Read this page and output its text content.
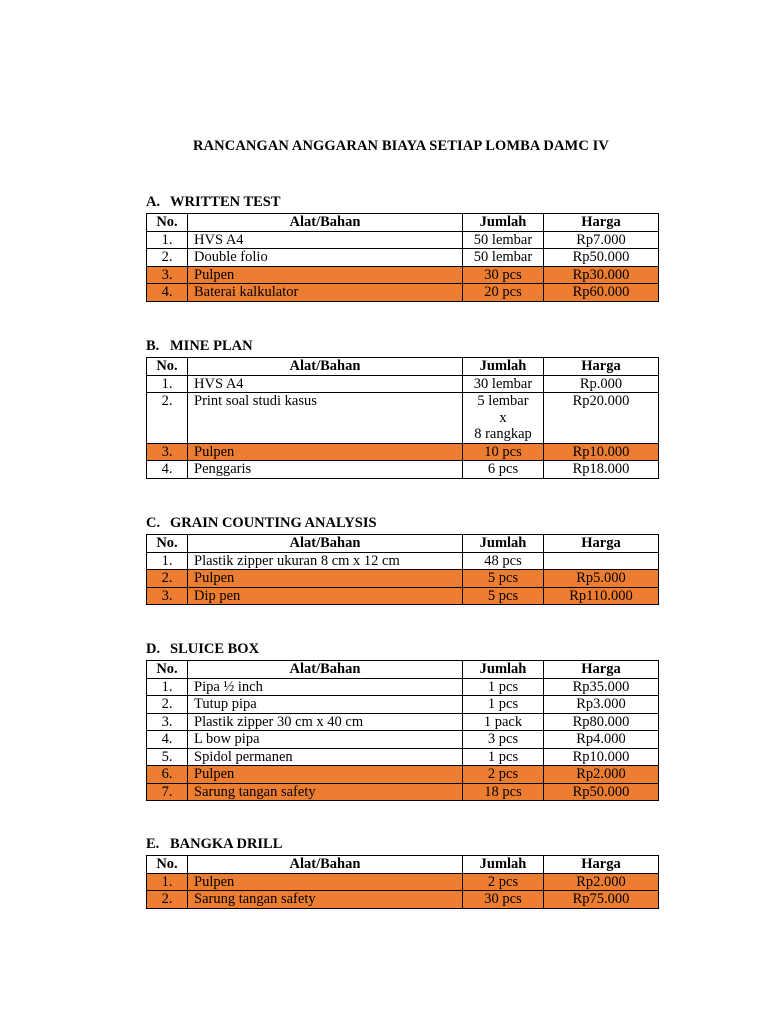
RANCANGAN ANGGARAN BIAYA SETIAP LOMBA DAMC IV
A. WRITTEN TEST
No.	Alat/Bahan	Jumlah	Harga
1.	HVS A4	50 lembar	Rp7.000
2.	Double folio	50 lembar	Rp50.000
3.	Pulpen	30 pcs	Rp30.000
4.	Baterai kalkulator	20 pcs	Rp60.000
B. MINE PLAN
No.	Alat/Bahan	Jumlah	Harga
1.	HVS A4	30 lembar	Rp.000
2.	Print soal studi kasus	5 lembar
x
8 rangkap	Rp20.000
3.	Pulpen	10 pcs	Rp10.000
4.	Penggaris	6 pcs	Rp18.000
C. GRAIN COUNTING ANALYSIS
No.	Alat/Bahan	Jumlah	Harga
1.	Plastik zipper ukuran 8 cm x 12 cm	48 pcs	
2.	Pulpen	5 pcs	Rp5.000
3.	Dip pen	5 pcs	Rp110.000
D. SLUICE BOX
No.	Alat/Bahan	Jumlah	Harga
1.	Pipa ½ inch	1 pcs	Rp35.000
2.	Tutup pipa	1 pcs	Rp3.000
3.	Plastik zipper 30 cm x 40 cm	1 pack	Rp80.000
4.	L bow pipa	3 pcs	Rp4.000
5.	Spidol permanen	1 pcs	Rp10.000
6.	Pulpen	2 pcs	Rp2.000
7.	Sarung tangan safety	18 pcs	Rp50.000
E. BANGKA DRILL
No.	Alat/Bahan	Jumlah	Harga
1.	Pulpen	2 pcs	Rp2.000
2.	Sarung tangan safety	30 pcs	Rp75.000
